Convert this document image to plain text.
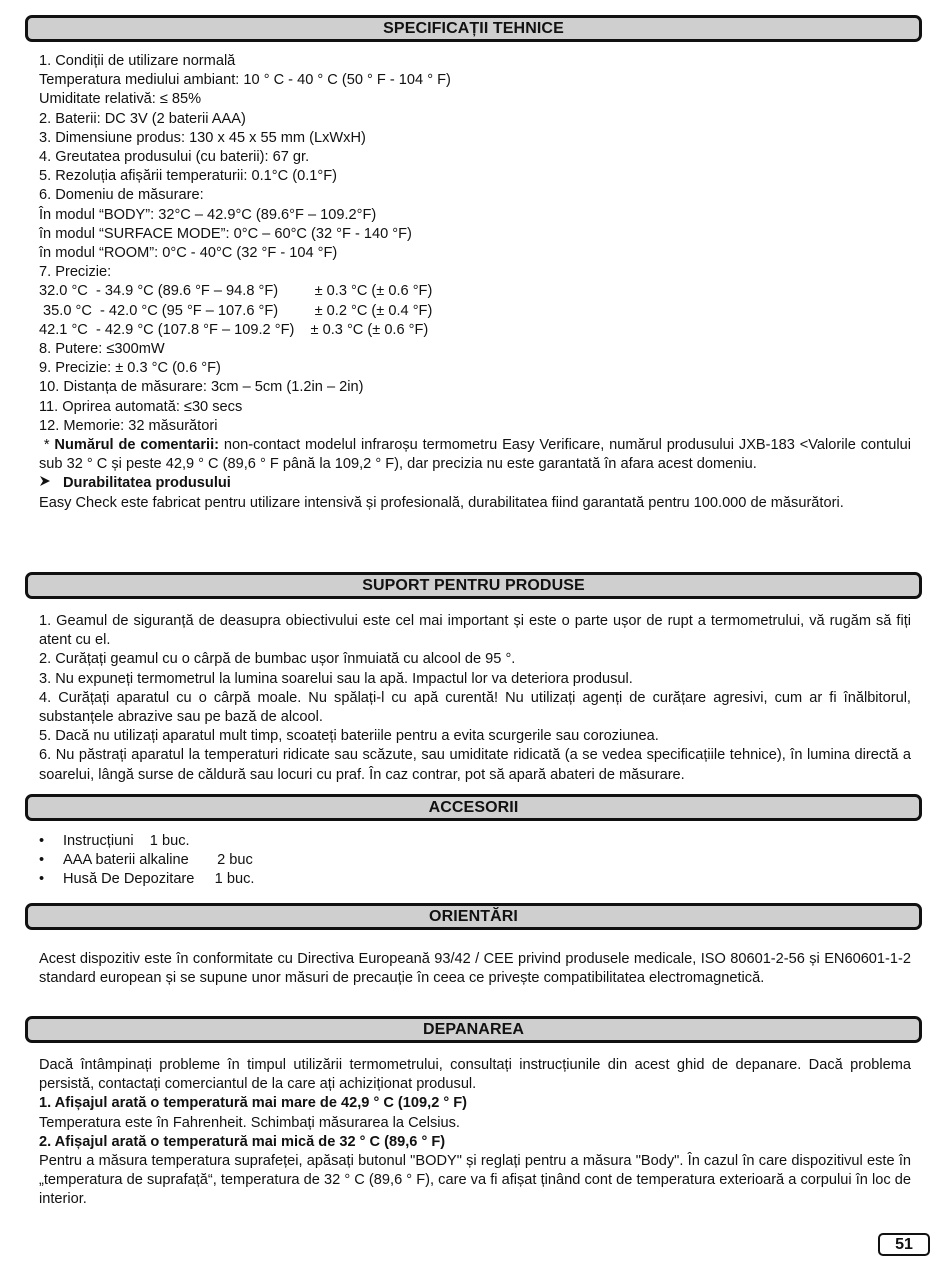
SPECIFICAȚII TEHNICE
1. Condiții de utilizare normală
Temperatura mediului ambiant: 10 ° C - 40 ° C (50 ° F - 104 ° F)
Umiditate relativă: ≤ 85%
2. Baterii: DC 3V (2 baterii AAA)
3. Dimensiune produs: 130 x 45 x 55 mm (LxWxH)
4. Greutatea produsului (cu baterii): 67 gr.
5. Rezoluția afișării temperaturii: 0.1°C (0.1°F)
6. Domeniu de măsurare:
În modul “BODY”: 32°C – 42.9°C (89.6°F – 109.2°F)
în modul “SURFACE MODE”: 0°C – 60°C (32 °F - 140 °F)
în modul “ROOM”: 0°C - 40°C (32 °F - 104 °F)
7. Precizie:
32.0 °C  - 34.9 °C (89.6 °F – 94.8 °F)         ± 0.3 °C (± 0.6 °F)
35.0 °C  - 42.0 °C (95 °F – 107.6 °F)         ± 0.2 °C (± 0.4 °F)
42.1 °C  - 42.9 °C (107.8 °F – 109.2 °F)    ± 0.3 °C (± 0.6 °F)
8. Putere: ≤300mW
9. Precizie: ± 0.3 °C (0.6 °F)
10. Distanța de măsurare: 3cm – 5cm (1.2in – 2in)
11. Oprirea automată: ≤30 secs
12. Memorie: 32 măsurători
* Numărul de comentarii: non-contact modelul infraroșu termometru Easy Verificare, numărul produsului JXB-183 <Valorile contului sub 32 ° C și peste 42,9 ° C (89,6 ° F până la 109,2 ° F), dar precizia nu este garantată în afara acest domeniu.
Durabilitatea produsului
Easy Check este fabricat pentru utilizare intensivă și profesională, durabilitatea fiind garantată pentru 100.000 de măsurători.
SUPORT PENTRU PRODUSE
1. Geamul de siguranță de deasupra obiectivului este cel mai important și este o parte ușor de rupt a termometrului, vă rugăm să fiți atent cu el.
2. Curățați geamul cu o cârpă de bumbac ușor înmuiată cu alcool de 95 °.
3. Nu expuneți termometrul la lumina soarelui sau la apă. Impactul lor va deteriora produsul.
4. Curățați aparatul cu o cârpă moale. Nu spălați-l cu apă curentă! Nu utilizați agenți de curățare agresivi, cum ar fi înălbitorul, substanțele abrazive sau pe bază de alcool.
5. Dacă nu utilizați aparatul mult timp, scoateți bateriile pentru a evita scurgerile sau coroziunea.
6. Nu păstrați aparatul la temperaturi ridicate sau scăzute, sau umiditate ridicată (a se vedea specificațiile tehnice), în lumina directă a soarelui, lângă surse de căldură sau locuri cu praf. În caz contrar, pot să apară abateri de măsurare.
ACCESORII
• Instrucțiuni    1 buc.
• AAA baterii alkaline       2 buc
• Husă De Depozitare     1 buc.
ORIENTĂRI
Acest dispozitiv este în conformitate cu Directiva Europeană 93/42 / CEE privind produsele medicale, ISO 80601-2-56 și EN60601-1-2 standard european și se supune unor măsuri de precauție în ceea ce privește compatibilitatea electromagnetică.
DEPANAREA
Dacă întâmpinați probleme în timpul utilizării termometrului, consultați instrucțiunile din acest ghid de depanare. Dacă problema persistă, contactați comerciantul de la care ați achiziționat produsul.
1. Afișajul arată o temperatură mai mare de 42,9 ° C (109,2 ° F)
Temperatura este în Fahrenheit. Schimbați măsurarea la Celsius.
2. Afișajul arată o temperatură mai mică de 32 ° C (89,6 ° F)
Pentru a măsura temperatura suprafeței, apăsați butonul "BODY" și reglați pentru a măsura "Body". În cazul în care dispozitivul este în „temperatura de suprafață“, temperatura de 32 ° C (89,6 ° F), care va fi afișat ținând cont de temperatura exterioară a corpului în loc de interior.
51
